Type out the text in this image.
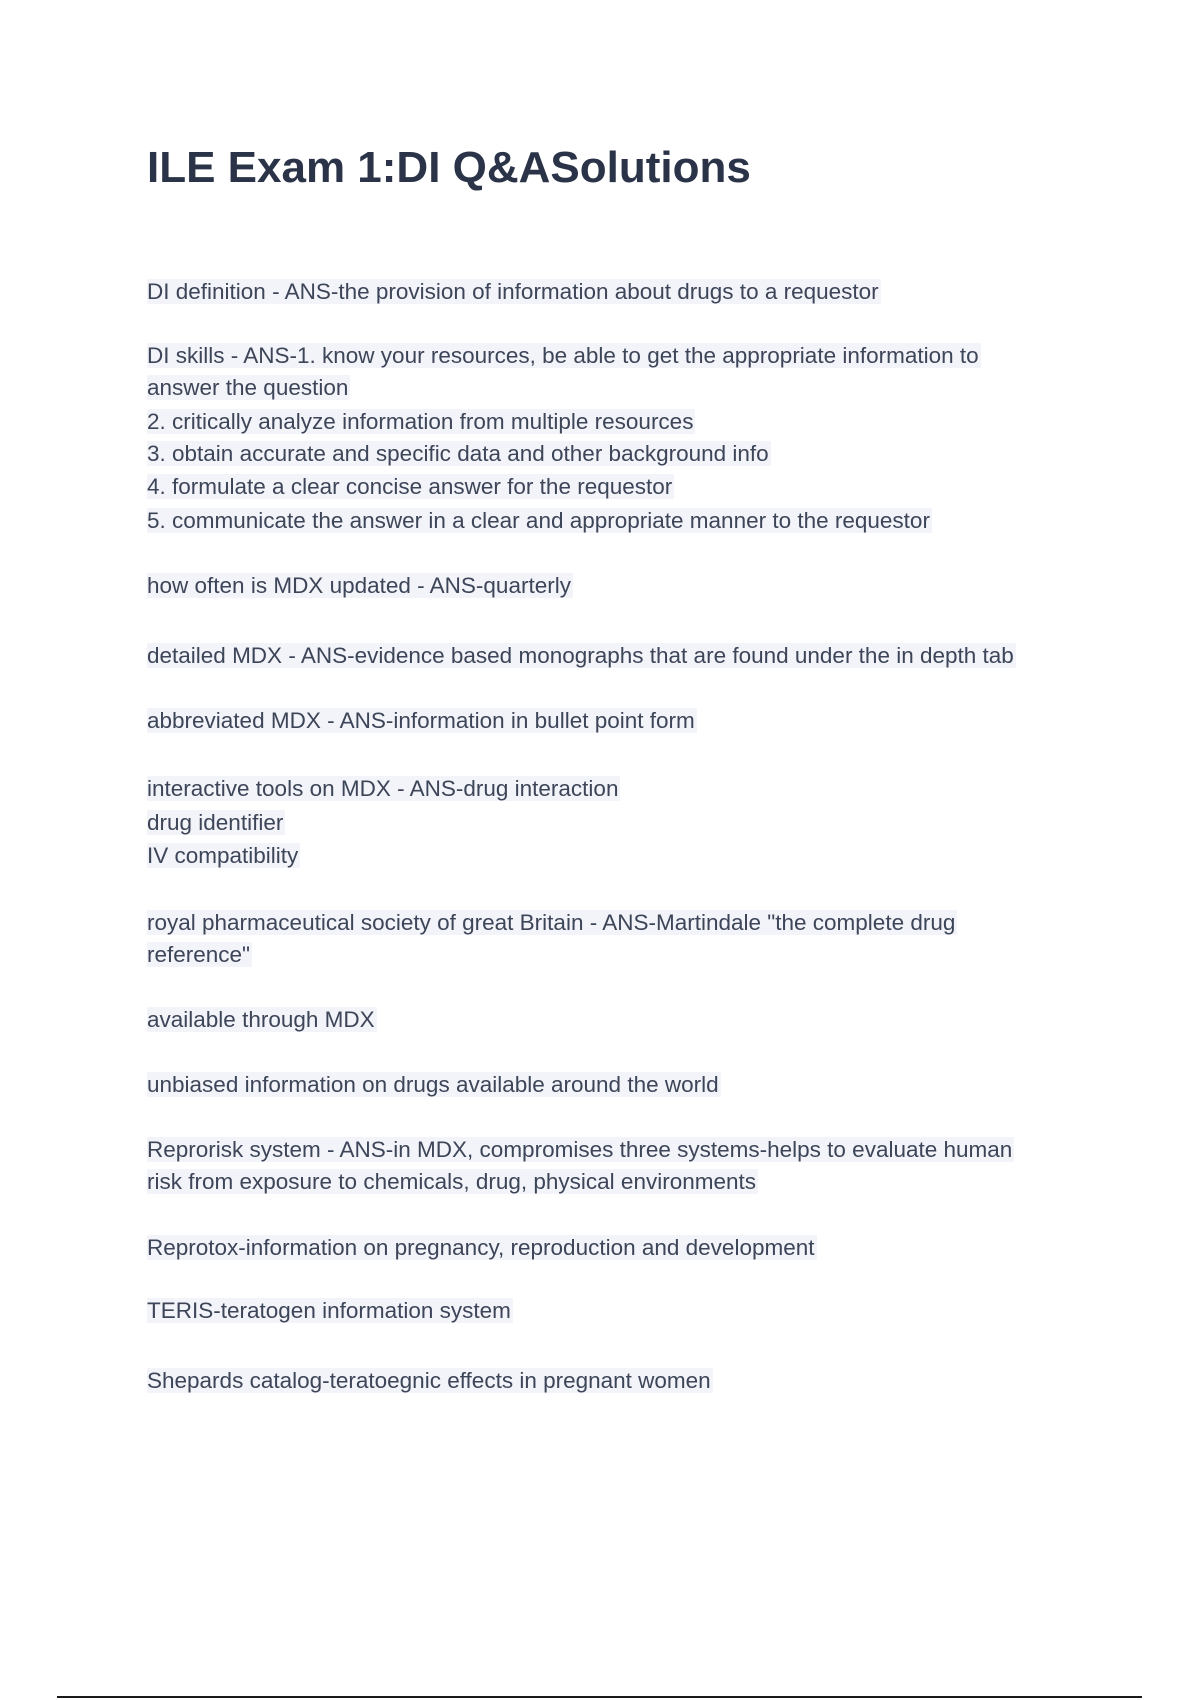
ILE Exam 1:DI Q&ASolutions
DI definition - ANS-the provision of information about drugs to a requestor
DI skills - ANS-1. know your resources, be able to get the appropriate information to
answer the question
2. critically analyze information from multiple resources
3. obtain accurate and specific data and other background info
4. formulate a clear concise answer for the requestor
5. communicate the answer in a clear and appropriate manner to the requestor
how often is MDX updated - ANS-quarterly
detailed MDX - ANS-evidence based monographs that are found under the in depth tab
abbreviated MDX - ANS-information in bullet point form
interactive tools on MDX - ANS-drug interaction
drug identifier
IV compatibility
royal pharmaceutical society of great Britain - ANS-Martindale "the complete drug
reference"
available through MDX
unbiased information on drugs available around the world
Reprorisk system - ANS-in MDX, compromises three systems-helps to evaluate human
risk from exposure to chemicals, drug, physical environments
Reprotox-information on pregnancy, reproduction and development
TERIS-teratogen information system
Shepards catalog-teratoegnic effects in pregnant women
